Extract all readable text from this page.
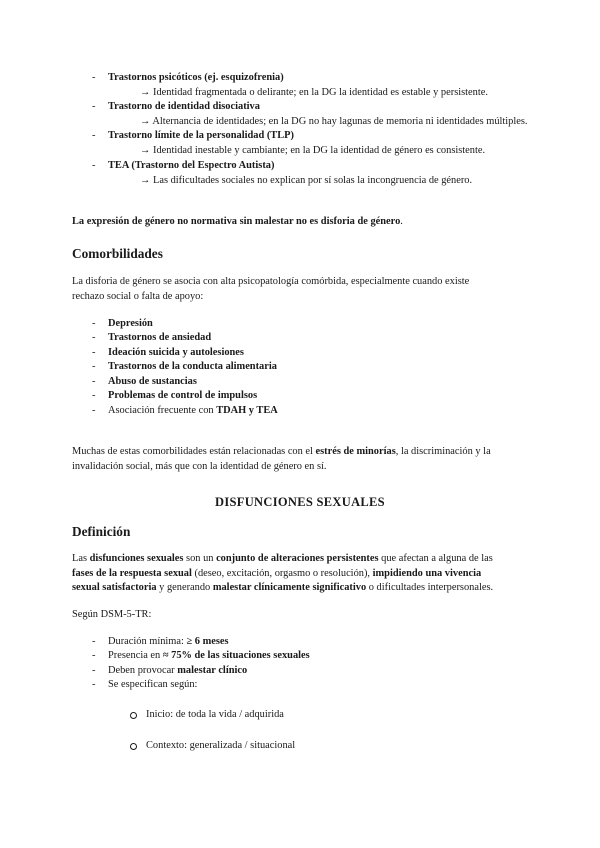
- Trastornos psicóticos (ej. esquizofrenia)
→ Identidad fragmentada o delirante; en la DG la identidad es estable y persistente.
- Trastorno de identidad disociativa
→ Alternancia de identidades; en la DG no hay lagunas de memoria ni identidades múltiples.
- Trastorno límite de la personalidad (TLP)
→ Identidad inestable y cambiante; en la DG la identidad de género es consistente.
- TEA (Trastorno del Espectro Autista)
→ Las dificultades sociales no explican por sí solas la incongruencia de género.
La expresión de género no normativa sin malestar no es disforia de género.
Comorbilidades
La disforia de género se asocia con alta psicopatología comórbida, especialmente cuando existe
rechazo social o falta de apoyo:
- Depresión
- Trastornos de ansiedad
- Ideación suicida y autolesiones
- Trastornos de la conducta alimentaria
- Abuso de sustancias
- Problemas de control de impulsos
- Asociación frecuente con TDAH y TEA
Muchas de estas comorbilidades están relacionadas con el estrés de minorías, la discriminación y la
invalidación social, más que con la identidad de género en sí.
DISFUNCIONES SEXUALES
Definición
Las disfunciones sexuales son un conjunto de alteraciones persistentes que afectan a alguna de las
fases de la respuesta sexual (deseo, excitación, orgasmo o resolución), impidiendo una vivencia
sexual satisfactoria y generando malestar clínicamente significativo o dificultades interpersonales.
Según DSM-5-TR:
- Duración mínima: ≥ 6 meses
- Presencia en ≈ 75% de las situaciones sexuales
- Deben provocar malestar clínico
- Se especifican según:
Inicio: de toda la vida / adquirida
Contexto: generalizada / situacional
